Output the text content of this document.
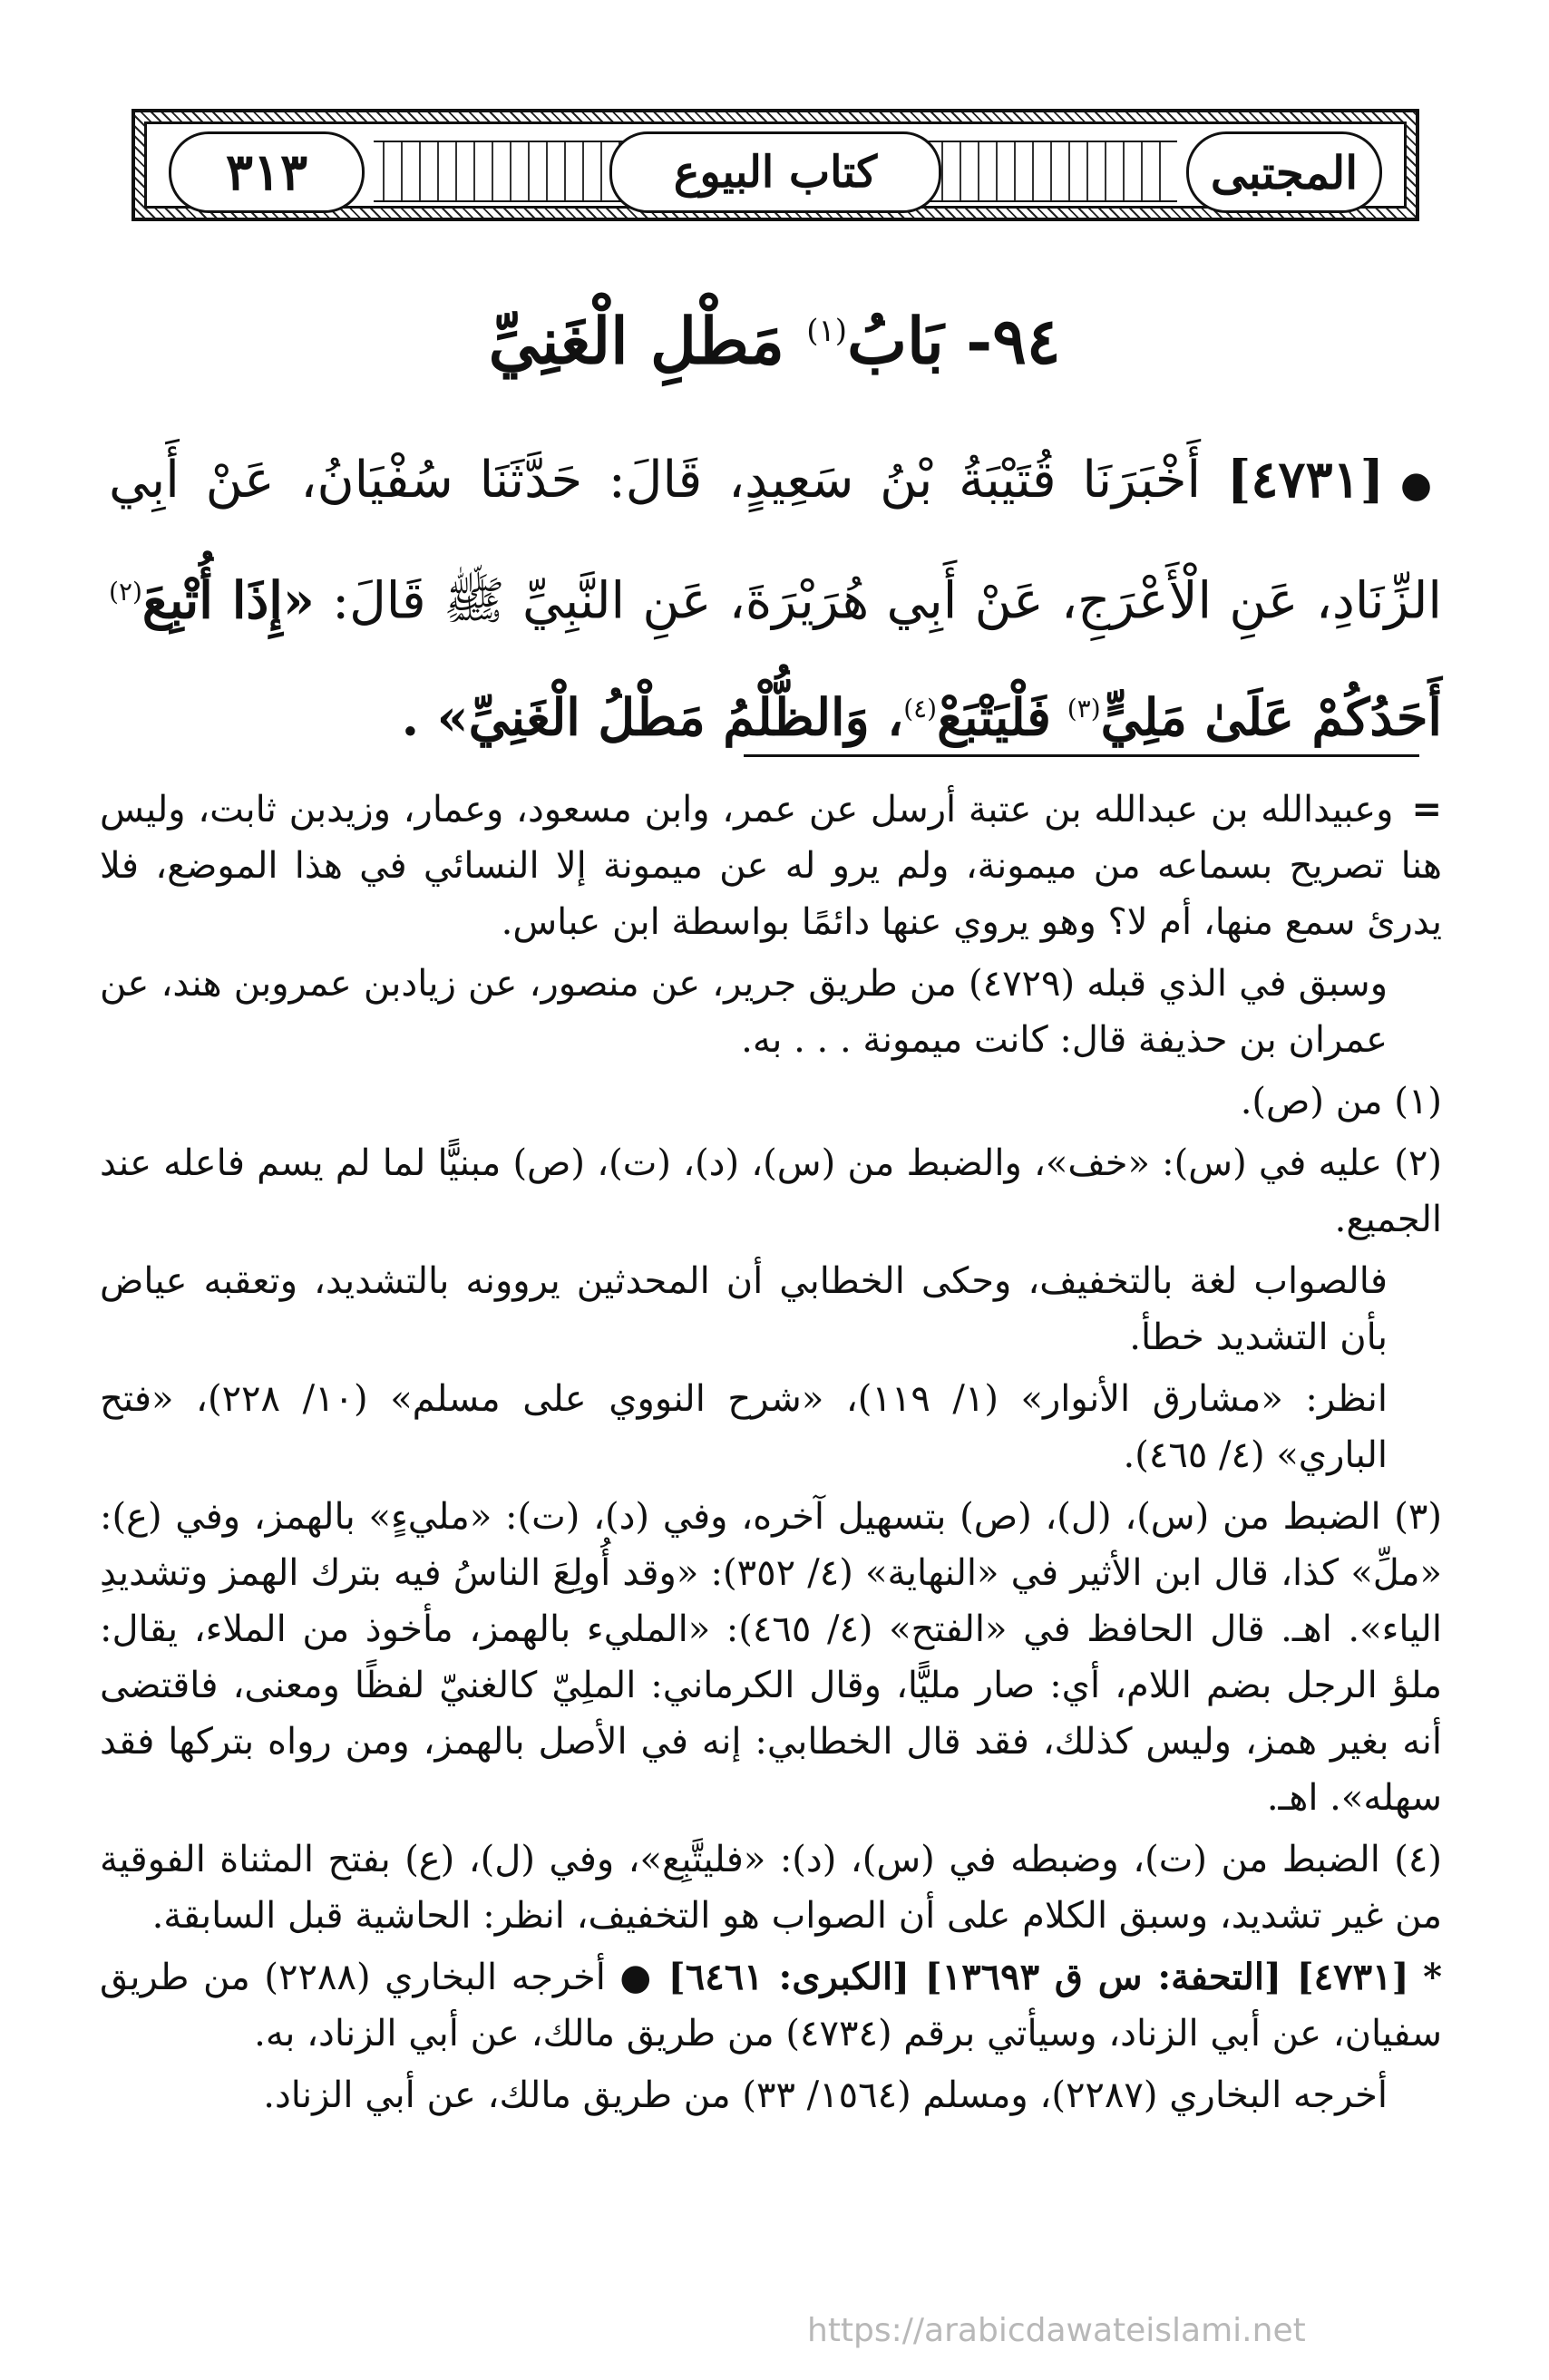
المجتبى
كتاب البيوع
٣١٣
٩٤- بَابُ$^{(١)}$ مَطْلِ الْغَنِيِّ
●[٤٧٣١] أَخْبَرَنَا قُتَيْبَةُ بْنُ سَعِيدٍ، قَالَ: حَدَّثَنَا سُفْيَانُ، عَنْ أَبِي الزِّنَادِ، عَنِ الْأَعْرَجِ، عَنْ أَبِي هُرَيْرَةَ، عَنِ النَّبِيِّ ﷺ قَالَ: «إِذَا أُتْبِعَ$^{(٢)}$ أَحَدُكُمْ عَلَىٰ مَلِيٍّ$^{(٣)}$ فَلْيَتْبَعْ$^{(٤)}$، وَالظُّلْمُ مَطْلُ الْغَنِيِّ» .

=وعبيدالله بن عبدالله بن عتبة أرسل عن عمر، وابن مسعود، وعمار، وزيدبن ثابت، وليس هنا تصريح بسماعه من ميمونة، ولم يرو له عن ميمونة إلا النسائي في هذا الموضع، فلا يدرئ سمع منها، أم لا؟ وهو يروي عنها دائمًا بواسطة ابن عباس.

وسبق في الذي قبله (٤٧٢٩) من طريق جرير، عن منصور، عن زيادبن عمروبن هند، عن عمران بن حذيفة قال: كانت ميمونة . . . به.

(١) من (ص).

(٢) عليه في (س): «خف»، والضبط من (س)، (د)، (ت)، (ص) مبنيًّا لما لم يسم فاعله عند الجميع.

فالصواب لغة بالتخفيف، وحكى الخطابي أن المحدثين يروونه بالتشديد، وتعقبه عياض بأن التشديد خطأ.

انظر: «مشارق الأنوار» (١/ ١١٩)، «شرح النووي على مسلم» (١٠/ ٢٢٨)، «فتح الباري» (٤/ ٤٦٥).

(٣) الضبط من (س)، (ل)، (ص) بتسهيل آخره، وفي (د)، (ت): «مليءٍ» بالهمز، وفي (ع): «ملِّ» كذا، قال ابن الأثير في «النهاية» (٤/ ٣٥٢): «وقد أُولِعَ الناسُ فيه بترك الهمز وتشديدِ الياء». اهـ. قال الحافظ في «الفتح» (٤/ ٤٦٥): «المليء بالهمز، مأخوذ من الملاء، يقال: ملؤ الرجل بضم اللام، أي: صار مليًّا، وقال الكرماني: الملِيّ كالغنيّ لفظًا ومعنى، فاقتضى أنه بغير همز، وليس كذلك، فقد قال الخطابي: إنه في الأصل بالهمز، ومن رواه بتركها فقد سهله». اهـ.

(٤) الضبط من (ت)، وضبطه في (س)، (د): «فليتَّبِع»، وفي (ل)، (ع) بفتح المثناة الفوقية من غير تشديد، وسبق الكلام على أن الصواب هو التخفيف، انظر: الحاشية قبل السابقة.

* [٤٧٣١] [التحفة: س ق ١٣٦٩٣] [الكبرى: ٦٤٦١] ● أخرجه البخاري (٢٢٨٨) من طريق سفيان، عن أبي الزناد، وسيأتي برقم (٤٧٣٤) من طريق مالك، عن أبي الزناد، به.

أخرجه البخاري (٢٢٨٧)، ومسلم (١٥٦٤/ ٣٣) من طريق مالك، عن أبي الزناد.

https://arabicdawateislami.net
